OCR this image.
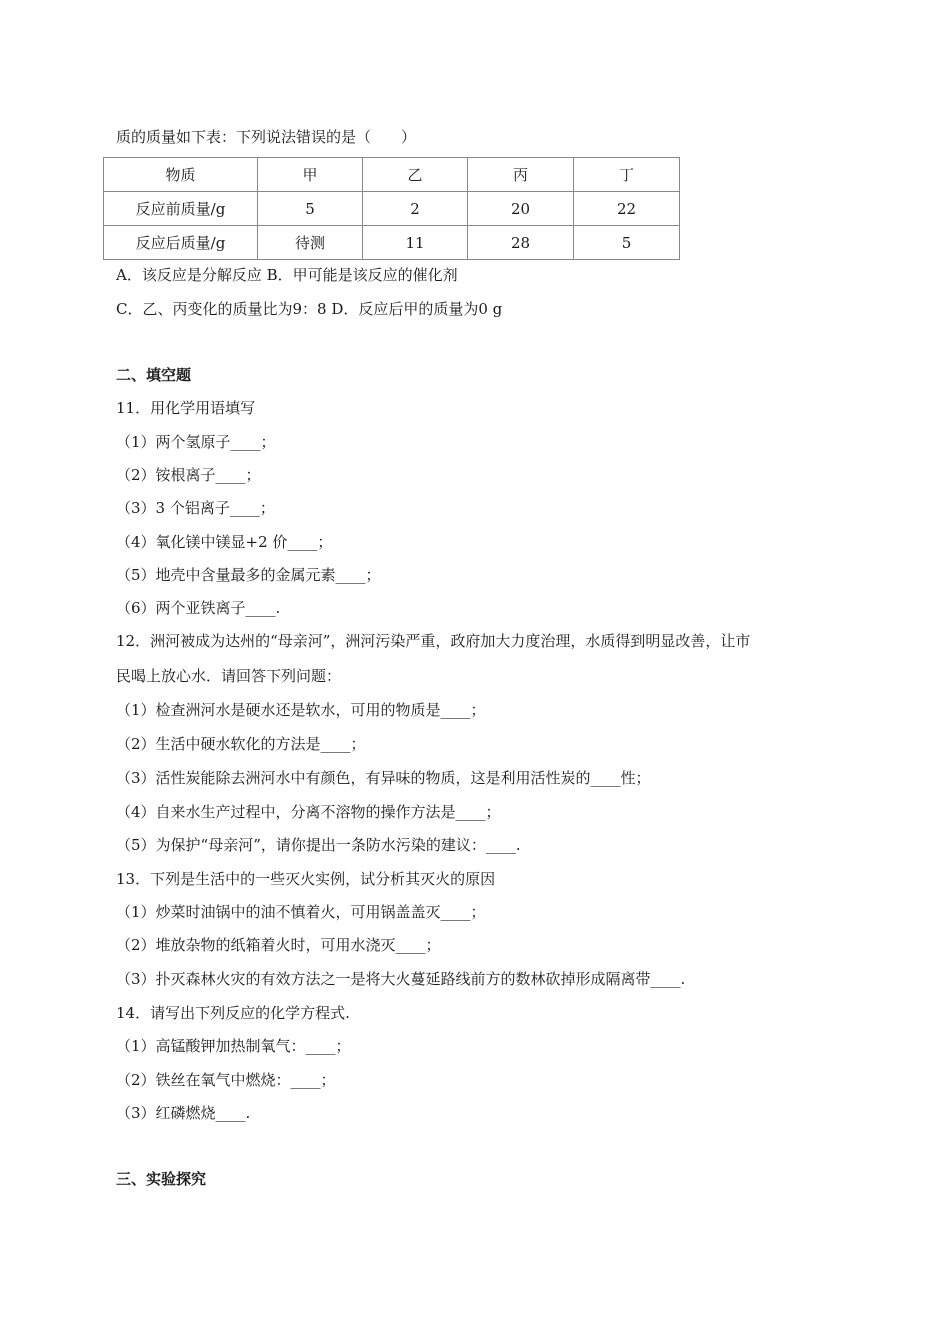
质的质量如下表：下列说法错误的是（　　）
物质	甲	乙	丙	丁
反应前质量/g	5	2	20	22
反应后质量/g	待测	11	28	5
A．该反应是分解反应 B．甲可能是该反应的催化剂
C．乙、丙变化的质量比为9：8 D．反应后甲的质量为0 g
二、填空题
11．用化学用语填写
（1）两个氢原子____；
（2）铵根离子____；
（3）3 个铝离子____；
（4）氧化镁中镁显+2 价____；
（5）地壳中含量最多的金属元素____；
（6）两个亚铁离子____.
12．洲河被成为达州的“母亲河”，洲河污染严重，政府加大力度治理，水质得到明显改善，让市
民喝上放心水．请回答下列问题：
（1）检查洲河水是硬水还是软水，可用的物质是____；
（2）生活中硬水软化的方法是____；
（3）活性炭能除去洲河水中有颜色，有异味的物质，这是利用活性炭的____性；
（4）自来水生产过程中，分离不溶物的操作方法是____；
（5）为保护“母亲河”，请你提出一条防水污染的建议：____.
13．下列是生活中的一些灭火实例，试分析其灭火的原因
（1）炒菜时油锅中的油不慎着火，可用锅盖盖灭____；
（2）堆放杂物的纸箱着火时，可用水浇灭____；
（3）扑灭森林火灾的有效方法之一是将大火蔓延路线前方的数林砍掉形成隔离带____.
14．请写出下列反应的化学方程式.
（1）高锰酸钾加热制氧气：____；
（2）铁丝在氧气中燃烧：____；
（3）红磷燃烧____.
三、实验探究
